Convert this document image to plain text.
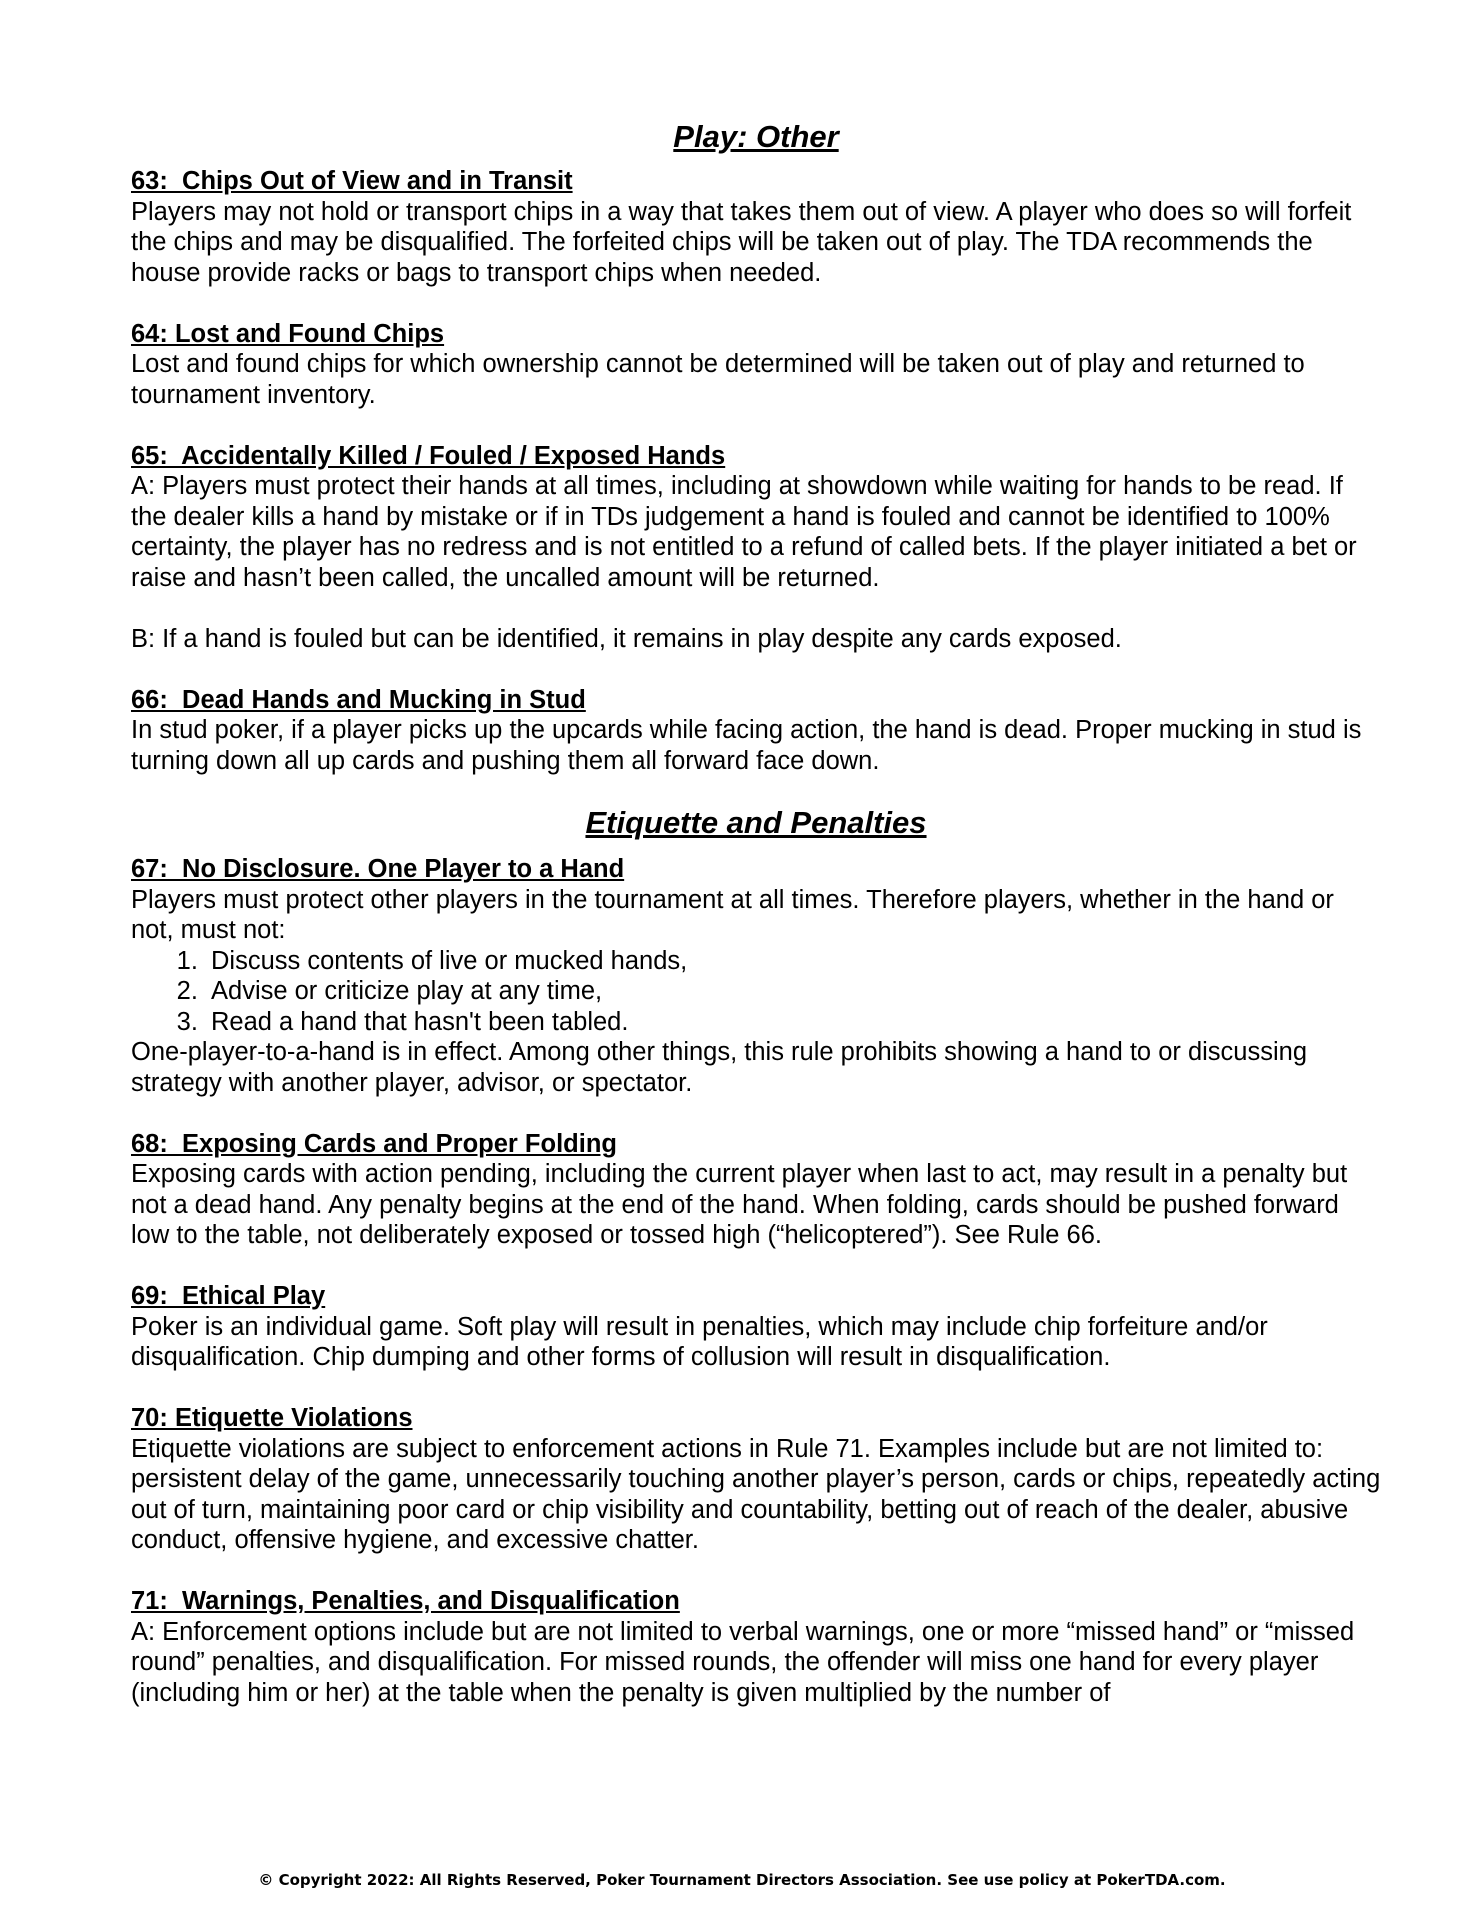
Play: Other
63:  Chips Out of View and in Transit

Players may not hold or transport chips in a way that takes them out of view. A player who does so will forfeit the chips and may be disqualified. The forfeited chips will be taken out of play. The TDA recommends the house provide racks or bags to transport chips when needed.

64: Lost and Found Chips

Lost and found chips for which ownership cannot be determined will be taken out of play and returned to tournament inventory.

65:  Accidentally Killed / Fouled / Exposed Hands

A: Players must protect their hands at all times, including at showdown while waiting for hands to be read. If the dealer kills a hand by mistake or if in TDs judgement a hand is fouled and cannot be identified to 100% certainty, the player has no redress and is not entitled to a refund of called bets. If the player initiated a bet or raise and hasn’t been called, the uncalled amount will be returned.

B: If a hand is fouled but can be identified, it remains in play despite any cards exposed.

66:  Dead Hands and Mucking in Stud

In stud poker, if a player picks up the upcards while facing action, the hand is dead. Proper mucking in stud is turning down all up cards and pushing them all forward face down.

Etiquette and Penalties
67:  No Disclosure. One Player to a Hand

Players must protect other players in the tournament at all times. Therefore players, whether in the hand or not, must not:

1. Discuss contents of live or mucked hands,
2. Advise or criticize play at any time,
3. Read a hand that hasn't been tabled.

One-player-to-a-hand is in effect. Among other things, this rule prohibits showing a hand to or discussing strategy with another player, advisor, or spectator.

68:  Exposing Cards and Proper Folding

Exposing cards with action pending, including the current player when last to act, may result in a penalty but not a dead hand. Any penalty begins at the end of the hand. When folding, cards should be pushed forward low to the table, not deliberately exposed or tossed high (“helicoptered”). See Rule 66.

69:  Ethical Play

Poker is an individual game. Soft play will result in penalties, which may include chip forfeiture and/or disqualification. Chip dumping and other forms of collusion will result in disqualification.

70: Etiquette Violations

Etiquette violations are subject to enforcement actions in Rule 71. Examples include but are not limited to: persistent delay of the game, unnecessarily touching another player’s person, cards or chips, repeatedly acting out of turn, maintaining poor card or chip visibility and countability, betting out of reach of the dealer, abusive conduct, offensive hygiene, and excessive chatter.

71:  Warnings, Penalties, and Disqualification

A: Enforcement options include but are not limited to verbal warnings, one or more “missed hand” or “missed round” penalties, and disqualification. For missed rounds, the offender will miss one hand for every player (including him or her) at the table when the penalty is given multiplied by the number of

© Copyright 2022: All Rights Reserved, Poker Tournament Directors Association. See use policy at PokerTDA.com.
